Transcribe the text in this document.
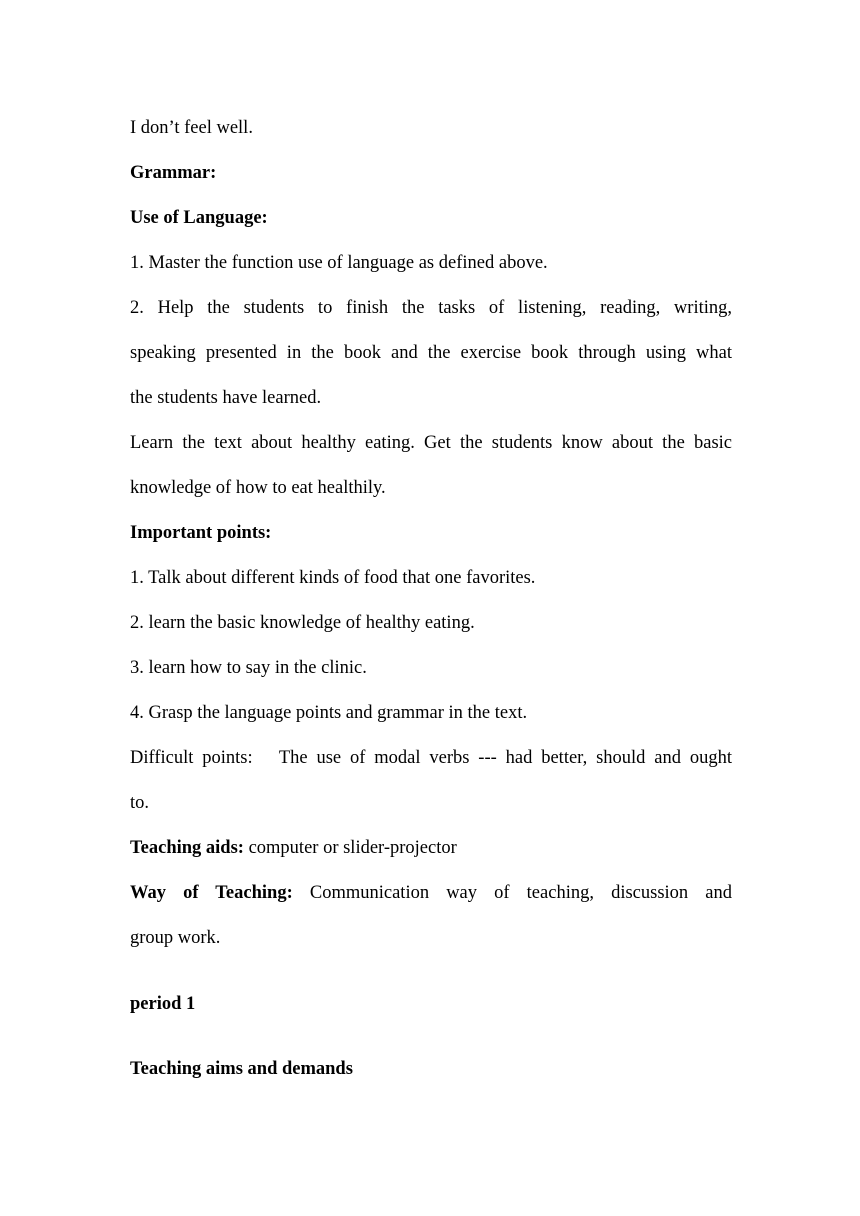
I don’t feel well.
Grammar:
Use of Language:
1. Master the function use of language as defined above.
2. Help the students to finish the tasks of listening, reading, writing,
speaking presented in the book and the exercise book through using what
the students have learned.
Learn the text about healthy eating. Get the students know about the basic
knowledge of how to eat healthily.
Important points:
1. Talk about different kinds of food that one favorites.
2. learn the basic knowledge of healthy eating.
3. learn how to say in the clinic.
4. Grasp the language points and grammar in the text.
Difficult points:   The use of modal verbs --- had better, should and ought
to.
Teaching aids: computer or slider-projector
Way of Teaching: Communication way of teaching, discussion and
group work.
period 1
Teaching aims and demands
